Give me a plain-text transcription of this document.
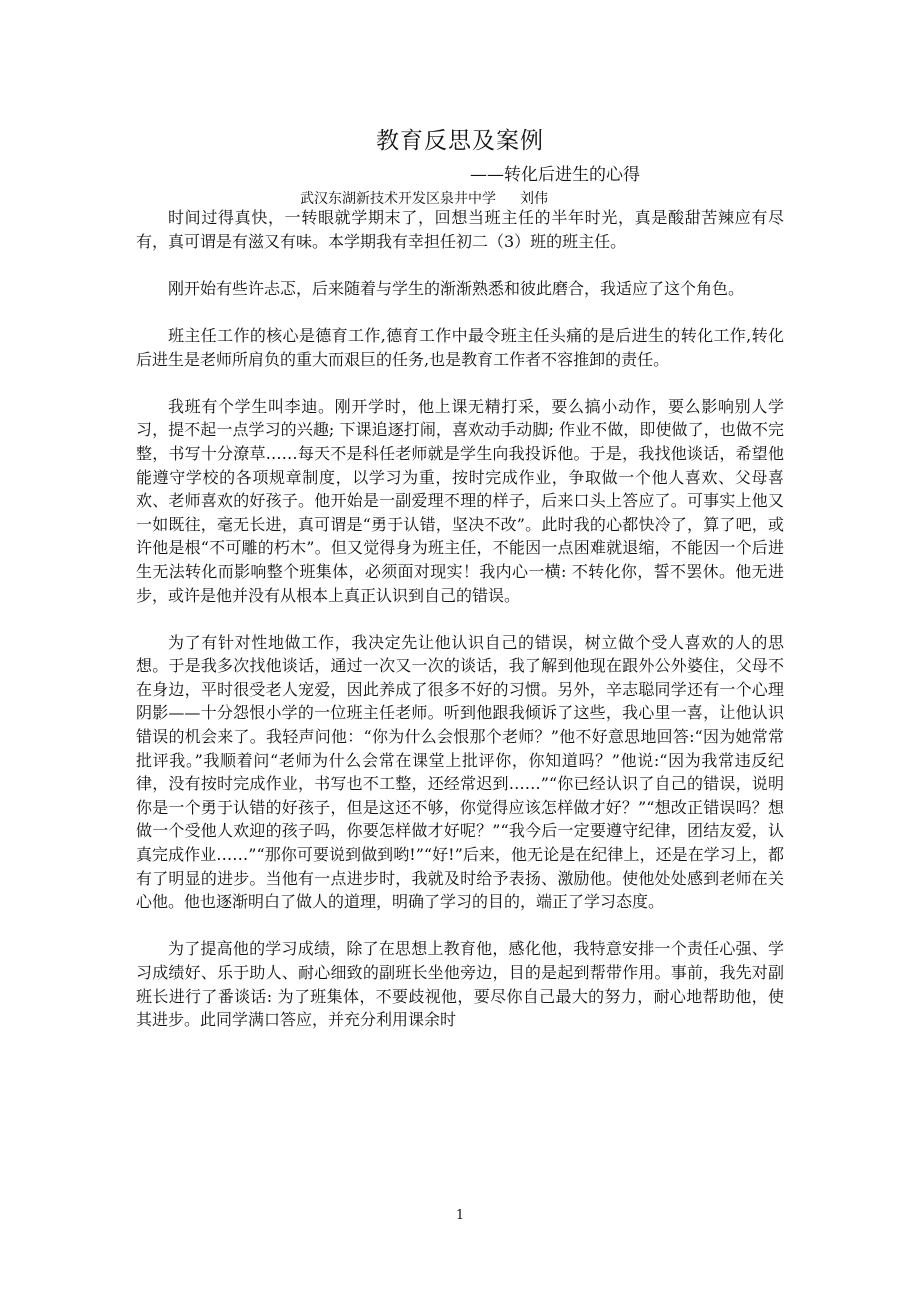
教育反思及案例
——转化后进生的心得
武汉东湖新技术开发区泉井中学 刘伟

时间过得真快，一转眼就学期末了，回想当班主任的半年时光，真是酸甜苦辣应有尽有，真可谓是有滋又有味。本学期我有幸担任初二（3）班的班主任。

刚开始有些许忐忑，后来随着与学生的渐渐熟悉和彼此磨合，我适应了这个角色。

班主任工作的核心是德育工作,德育工作中最令班主任头痛的是后进生的转化工作,转化后进生是老师所肩负的重大而艰巨的任务,也是教育工作者不容推卸的责任。

我班有个学生叫李迪。刚开学时，他上课无精打采，要么搞小动作，要么影响别人学习，提不起一点学习的兴趣; 下课追逐打闹，喜欢动手动脚; 作业不做，即使做了，也做不完整，书写十分潦草……每天不是科任老师就是学生向我投诉他。于是，我找他谈话，希望他能遵守学校的各项规章制度，以学习为重，按时完成作业，争取做一个他人喜欢、父母喜欢、老师喜欢的好孩子。他开始是一副爱理不理的样子，后来口头上答应了。可事实上他又一如既往，毫无长进，真可谓是“勇于认错，坚决不改”。此时我的心都快冷了，算了吧，或许他是根“不可雕的朽木”。但又觉得身为班主任，不能因一点困难就退缩，不能因一个后进生无法转化而影响整个班集体，必须面对现实！我内心一横: 不转化你，誓不罢休。他无进步，或许是他并没有从根本上真正认识到自己的错误。

为了有针对性地做工作，我决定先让他认识自己的错误，树立做个受人喜欢的人的思想。于是我多次找他谈话，通过一次又一次的谈话，我了解到他现在跟外公外婆住，父母不在身边，平时很受老人宠爱，因此养成了很多不好的习惯。另外，辛志聪同学还有一个心理阴影——十分怨恨小学的一位班主任老师。听到他跟我倾诉了这些，我心里一喜，让他认识错误的机会来了。我轻声问他：“你为什么会恨那个老师？”他不好意思地回答:“因为她常常批评我。”我顺着问“老师为什么会常在课堂上批评你，你知道吗？”他说:“因为我常违反纪律，没有按时完成作业，书写也不工整，还经常迟到……”“你已经认识了自己的错误，说明你是一个勇于认错的好孩子，但是这还不够，你觉得应该怎样做才好？”“想改正错误吗？想做一个受他人欢迎的孩子吗，你要怎样做才好呢？”“我今后一定要遵守纪律，团结友爱，认真完成作业……”“那你可要说到做到哟!”“好!”后来，他无论是在纪律上，还是在学习上，都有了明显的进步。当他有一点进步时，我就及时给予表扬、激励他。使他处处感到老师在关心他。他也逐渐明白了做人的道理，明确了学习的目的，端正了学习态度。

为了提高他的学习成绩，除了在思想上教育他，感化他，我特意安排一个责任心强、学习成绩好、乐于助人、耐心细致的副班长坐他旁边，目的是起到帮带作用。事前，我先对副班长进行了番谈话: 为了班集体，不要歧视他，要尽你自己最大的努力，耐心地帮助他，使其进步。此同学满口答应，并充分利用课余时

1
